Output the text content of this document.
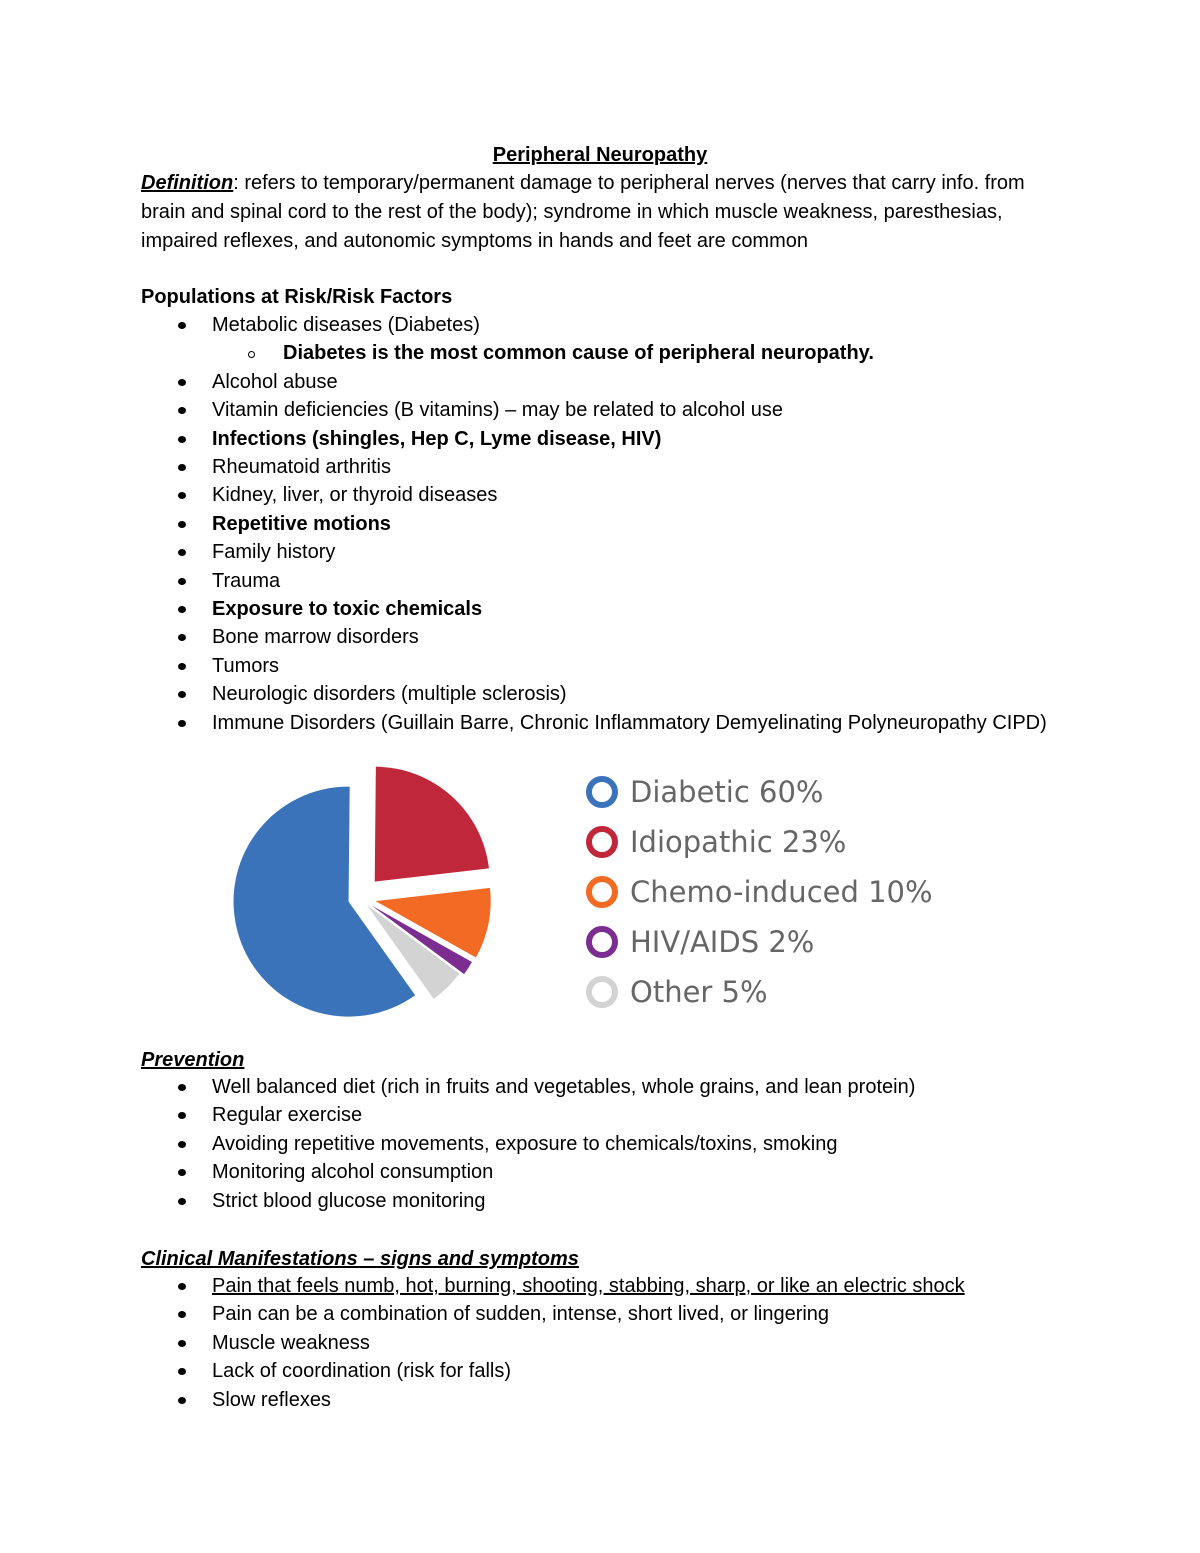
Peripheral Neuropathy
Definition: refers to temporary/permanent damage to peripheral nerves (nerves that carry info. from brain and spinal cord to the rest of the body); syndrome in which muscle weakness, paresthesias, impaired reflexes, and autonomic symptoms in hands and feet are common
Populations at Risk/Risk Factors
Metabolic diseases (Diabetes)
Diabetes is the most common cause of peripheral neuropathy.
Alcohol abuse
Vitamin deficiencies (B vitamins) – may be related to alcohol use
Infections (shingles, Hep C, Lyme disease, HIV)
Rheumatoid arthritis
Kidney, liver, or thyroid diseases
Repetitive motions
Family history
Trauma
Exposure to toxic chemicals
Bone marrow disorders
Tumors
Neurologic disorders (multiple sclerosis)
Immune Disorders (Guillain Barre, Chronic Inflammatory Demyelinating Polyneuropathy CIPD)
Diabetic 60%
Idiopathic 23%
Chemo-induced 10%
HIV/AIDS 2%
Other 5%
Prevention
Well balanced diet (rich in fruits and vegetables, whole grains, and lean protein)
Regular exercise
Avoiding repetitive movements, exposure to chemicals/toxins, smoking
Monitoring alcohol consumption
Strict blood glucose monitoring
Clinical Manifestations – signs and symptoms
Pain that feels numb, hot, burning, shooting, stabbing, sharp, or like an electric shock
Pain can be a combination of sudden, intense, short lived, or lingering
Muscle weakness
Lack of coordination (risk for falls)
Slow reflexes
